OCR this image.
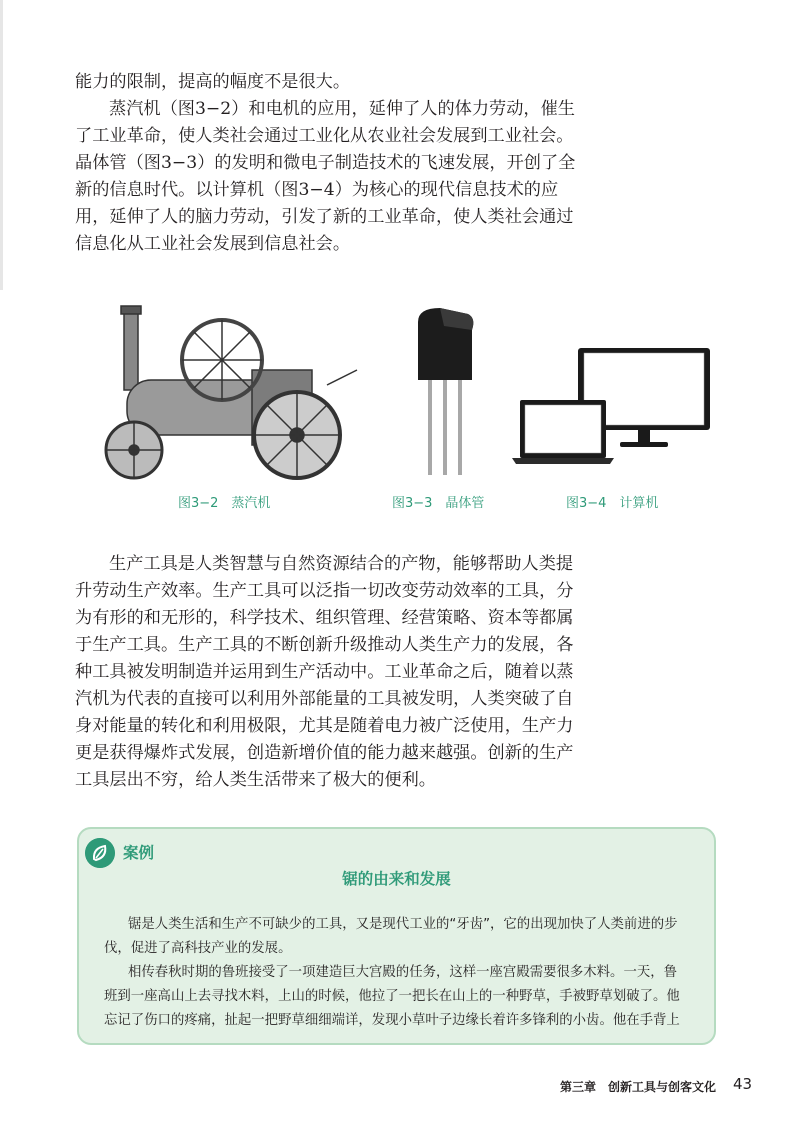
能力的限制，提高的幅度不是很大。
蒸汽机（图3−2）和电机的应用，延伸了人的体力劳动，催生
了工业革命，使人类社会通过工业化从农业社会发展到工业社会。
晶体管（图3−3）的发明和微电子制造技术的飞速发展，开创了全
新的信息时代。以计算机（图3−4）为核心的现代信息技术的应
用，延伸了人的脑力劳动，引发了新的工业革命，使人类社会通过
信息化从工业社会发展到信息社会。

图3−2　蒸汽机	图3−3　晶体管	图3−4　计算机

生产工具是人类智慧与自然资源结合的产物，能够帮助人类提
升劳动生产效率。生产工具可以泛指一切改变劳动效率的工具，分
为有形的和无形的，科学技术、组织管理、经营策略、资本等都属
于生产工具。生产工具的不断创新升级推动人类生产力的发展，各
种工具被发明制造并运用到生产活动中。工业革命之后，随着以蒸
汽机为代表的直接可以利用外部能量的工具被发明，人类突破了自
身对能量的转化和利用极限，尤其是随着电力被广泛使用，生产力
更是获得爆炸式发展，创造新增价值的能力越来越强。创新的生产
工具层出不穷，给人类生活带来了极大的便利。

案例
锯的由来和发展

锯是人类生活和生产不可缺少的工具，又是现代工业的“牙齿”，它的出现加快了人类前进的步
伐，促进了高科技产业的发展。

相传春秋时期的鲁班接受了一项建造巨大宫殿的任务，这样一座宫殿需要很多木料。一天，鲁
班到一座高山上去寻找木料，上山的时候，他拉了一把长在山上的一种野草，手被野草划破了。他
忘记了伤口的疼痛，扯起一把野草细细端详，发现小草叶子边缘长着许多锋利的小齿。他在手背上

第三章　创新工具与创客文化 43
